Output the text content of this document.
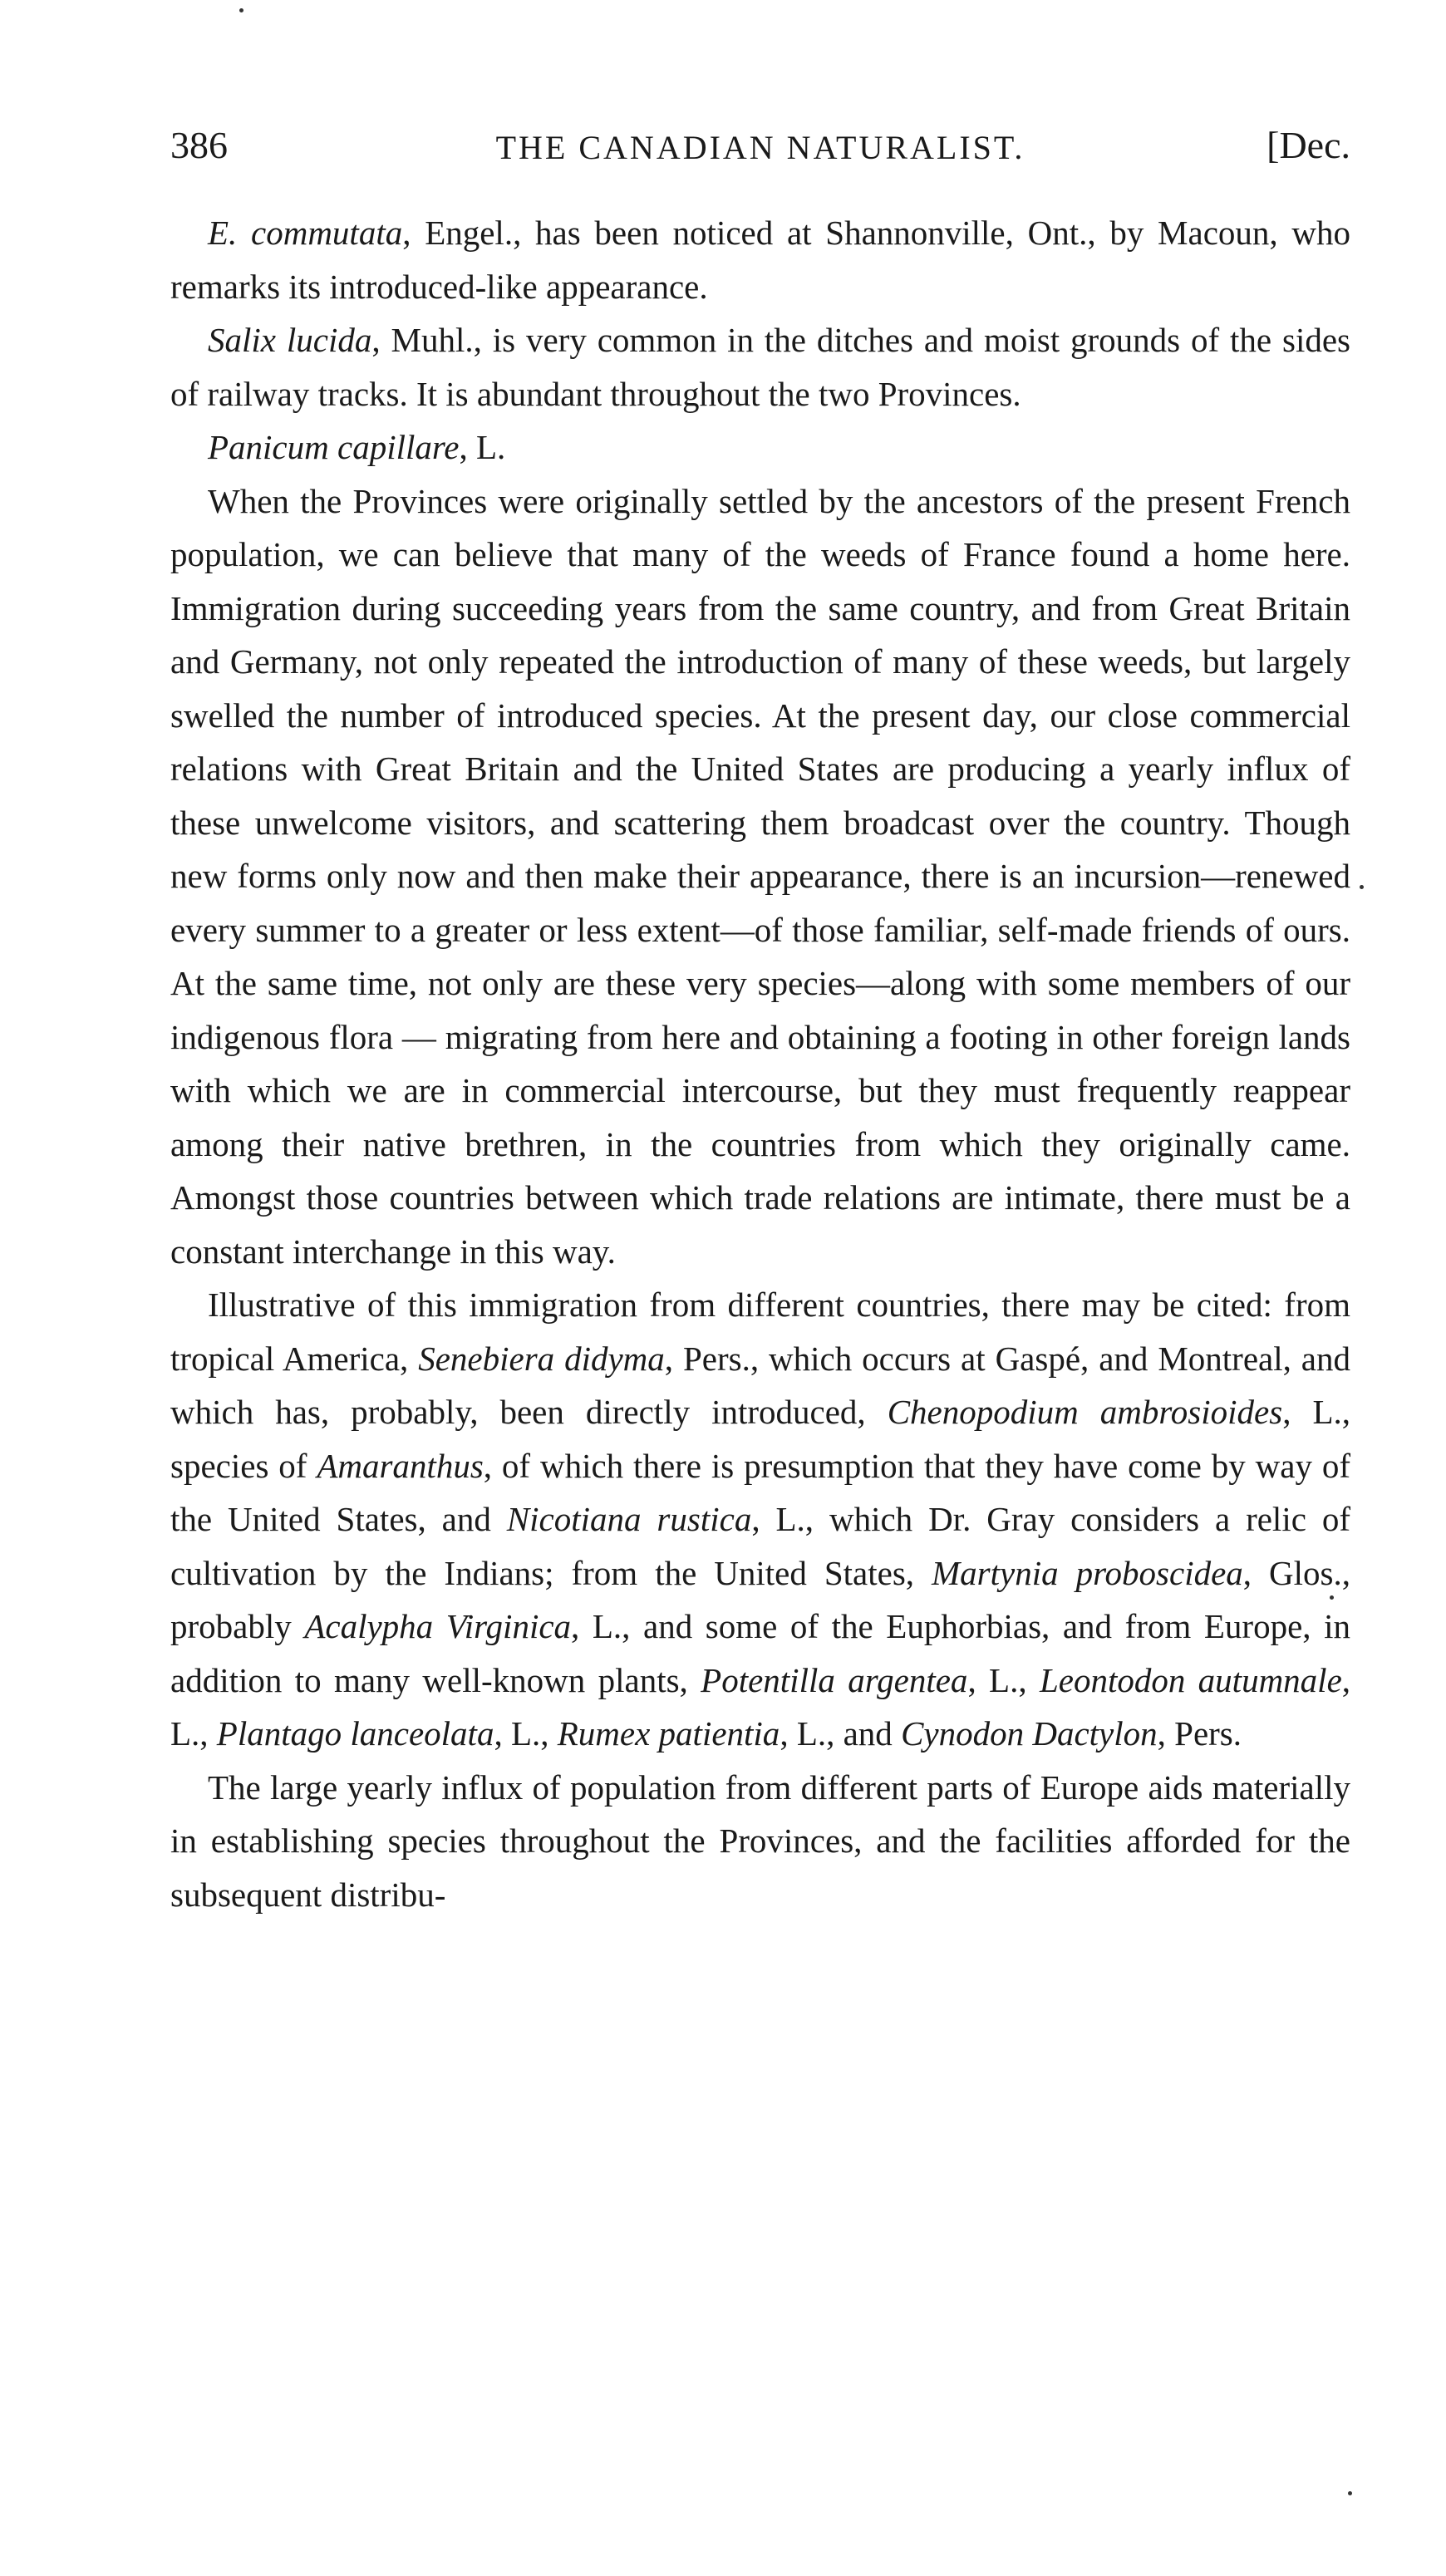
386	THE CANADIAN NATURALIST.	[Dec.

E. commutata, Engel., has been noticed at Shannonville, Ont., by Macoun, who remarks its introduced-like appearance.

Salix lucida, Muhl., is very common in the ditches and moist grounds of the sides of railway tracks. It is abundant throughout the two Provinces.

Panicum capillare, L.

When the Provinces were originally settled by the ancestors of the present French population, we can believe that many of the weeds of France found a home here. Immigration during succeeding years from the same country, and from Great Britain and Germany, not only repeated the introduction of many of these weeds, but largely swelled the number of introduced species. At the present day, our close commercial relations with Great Britain and the United States are producing a yearly influx of these unwelcome visitors, and scattering them broadcast over the country. Though new forms only now and then make their appearance, there is an incursion—renewed every summer to a greater or less extent—of those familiar, self-made friends of ours. At the same time, not only are these very species—along with some members of our indigenous flora — migrating from here and obtaining a footing in other foreign lands with which we are in commercial intercourse, but they must frequently reappear among their native brethren, in the countries from which they originally came. Amongst those countries between which trade relations are intimate, there must be a constant interchange in this way.

Illustrative of this immigration from different countries, there may be cited: from tropical America, Senebiera didyma, Pers., which occurs at Gaspé, and Montreal, and which has, probably, been directly introduced, Chenopodium ambrosioides, L., species of Amaranthus, of which there is presumption that they have come by way of the United States, and Nicotiana rustica, L., which Dr. Gray considers a relic of cultivation by the Indians; from the United States, Martynia proboscidea, Glos., probably Acalypha Virginica, L., and some of the Euphorbias, and from Europe, in addition to many well-known plants, Potentilla argentea, L., Leontodon autumnale, L., Plantago lanceolata, L., Rumex patientia, L., and Cynodon Dactylon, Pers.

The large yearly influx of population from different parts of Europe aids materially in establishing species throughout the Provinces, and the facilities afforded for the subsequent distribu-
